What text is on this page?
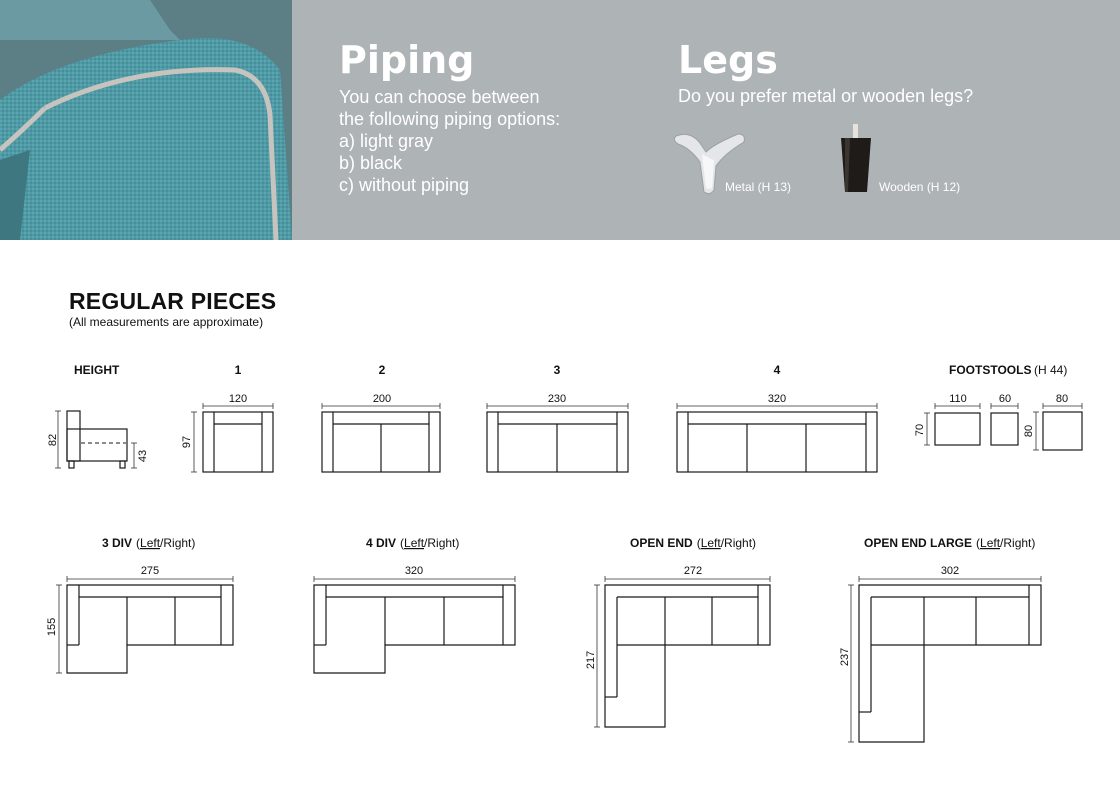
Piping
You can choose between
the following piping options:
a) light gray
b) black
c) without piping
Legs
Do you prefer metal or wooden legs?
Metal (H 13)	Wooden (H 12)
REGULAR PIECES
(All measurements are approximate)
HEIGHT
82
43
1
120
97
2
200
3
230
4
320
FOOTSTOOLS (H 44)
110	60	80
70	80
3 DIV (Left/Right)
275
155
4 DIV (Left/Right)
320
OPEN END (Left/Right)
272
217
OPEN END LARGE (Left/Right)
302
237
